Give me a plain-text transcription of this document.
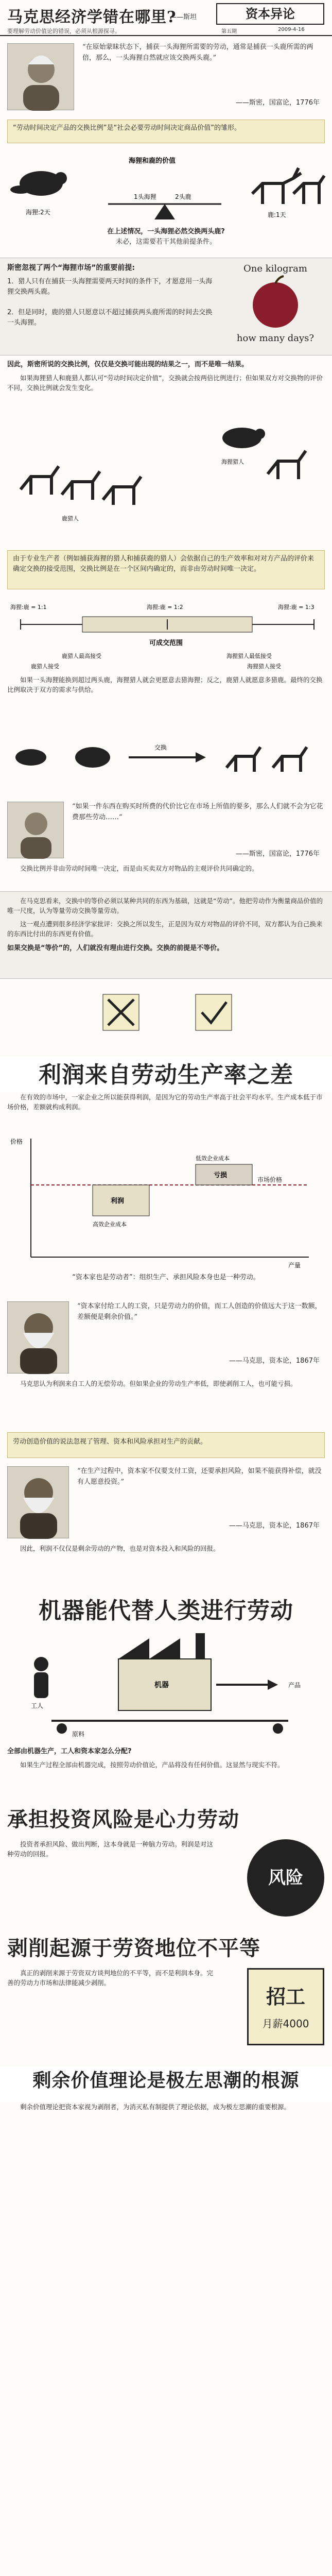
马克思经济学错在哪里?
——斯坦	资本异论
第五期	2009-4-16
要理解劳动价值论的错误，必须从根源探寻。
“在原始蒙昧状态下，捕获一头海狸所需要的劳动，通常是捕获一头鹿所需的两倍，那么，一头海狸自然就应该交换两头鹿。”
——斯密，国富论，1776年
“劳动时间决定产品的交换比例”是“社会必要劳动时间决定商品价值”的雏形。
海狸:2天	鹿:1天
1头海狸	2头鹿
海狸和鹿的价值
在上述情况，一头海狸必然交换两头鹿?
未必，这需要若干其他前提条件。
斯密忽视了两个“海狸市场”的重要前提:
1．猎人只有在捕获一头海狸需要两天时间的条件下，才愿意用一头海狸交换两头鹿。
2．但是同时，鹿的猎人只愿意以不超过捕获两头鹿所需的时间去交换一头海狸。
One kilogram
how many days?
因此，斯密所说的交换比例，仅仅是交换可能出现的结果之一，而不是唯一结果。
如果海狸猎人和鹿猎人都认可“劳动时间决定价值”，交换就会按两倍比例进行；但如果双方对交换物的评价不同，交换比例就会发生变化。
海狸猎人
鹿猎人
由于专业生产者（例如捕获海狸的猎人和捕获鹿的猎人）会依据自己的生产效率和对对方产品的评价来确定交换的接受范围，交换比例是在一个区间内确定的，而非由劳动时间唯一决定。
海狸:鹿 = 1:1	海狸:鹿 = 1:2	海狸:鹿 = 1:3
可成交范围
鹿猎人最高接受	海狸猎人最低接受
鹿猎人接受	海狸猎人接受
如果一头海狸能换到超过两头鹿，海狸猎人就会更愿意去猎海狸；反之，鹿猎人就愿意多猎鹿。最终的交换比例取决于双方的需求与供给。
交换
“如果一件东西在购买时所费的代价比它在市场上所值的要多，那么人们就不会为它花费那些劳动……”
——斯密，国富论，1776年
交换比例并非由劳动时间唯一决定，而是由买卖双方对物品的主观评价共同确定的。
在马克思看来，交换中的等价必须以某种共同的东西为基础，这就是“劳动”。他把劳动作为衡量商品价值的唯一尺度，认为等量劳动交换等量劳动。
这一观点遭到很多经济学家批评：交换之所以发生，正是因为双方对物品的评价不同，双方都认为自己换来的东西比付出的东西更有价值。
如果交换是“等价”的，人们就没有理由进行交换。交换的前提是不等价。
利润来自劳动生产率之差
在有效的市场中，一家企业之所以能获得利润，是因为它的劳动生产率高于社会平均水平。生产成本低于市场价格，差额就构成利润。
价格
产量
市场价格
高效企业成本
低效企业成本
利润
亏损
“资本家也是劳动者”：组织生产、承担风险本身也是一种劳动。
“资本家付给工人的工资，只是劳动力的价值，而工人创造的价值远大于这一数额，差额便是剩余价值。”
——马克思，资本论，1867年
马克思认为利润来自工人的无偿劳动。但如果企业的劳动生产率低，即使剥削工人，也可能亏损。
劳动创造价值的说法忽视了管理、资本和风险承担对生产的贡献。
“在生产过程中，资本家不仅要支付工资，还要承担风险，如果不能获得补偿，就没有人愿意投资。”
——马克思，资本论，1867年
因此，利润不仅仅是剩余劳动的产物，也是对资本投入和风险的回报。
机器能代替人类进行劳动
工人
机器	产品
原料
全部由机器生产，工人和资本家怎么分配?
如果生产过程全部由机器完成，按照劳动价值论，产品将没有任何价值。这显然与现实不符。
承担投资风险是心力劳动
投资者承担风险、做出判断，这本身就是一种脑力劳动。利润是对这种劳动的回报。
风险
剥削起源于劳资地位不平等
真正的剥削来源于劳资双方谈判地位的不平等，而不是利润本身。完善的劳动力市场和法律能减少剥削。
招工
月薪4000
剩余价值理论是极左思潮的根源
剩余价值理论把资本家视为剥削者，为消灭私有制提供了理论依据，成为极左思潮的重要根源。
